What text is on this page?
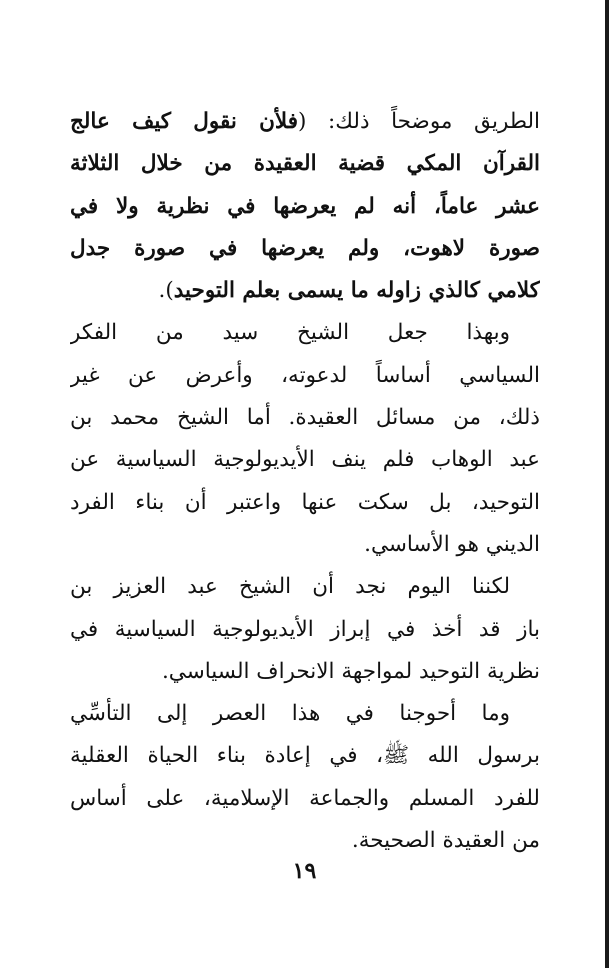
الطريق موضحاً ذلك: (فلأن نقول كيف عالج
القرآن المكي قضية العقيدة من خلال الثلاثة
عشر عاماً، أنه لم يعرضها في نظرية ولا في
صورة لاهوت، ولم يعرضها في صورة جدل
كلامي كالذي زاوله ما يسمى بعلم التوحيد).
وبهذا جعل الشيخ سيد من الفكر
السياسي أساساً لدعوته، وأعرض عن غير
ذلك، من مسائل العقيدة. أما الشيخ محمد بن
عبد الوهاب فلم ينف الأيديولوجية السياسية عن
التوحيد، بل سكت عنها واعتبر أن بناء الفرد
الديني هو الأساسي.
لكننا اليوم نجد أن الشيخ عبد العزيز بن
باز قد أخذ في إبراز الأيديولوجية السياسية في
نظرية التوحيد لمواجهة الانحراف السياسي.
وما أحوجنا في هذا العصر إلى التأسِّي
برسول الله ﷺ، في إعادة بناء الحياة العقلية
للفرد المسلم والجماعة الإسلامية، على أساس
من العقيدة الصحيحة.
١٩
